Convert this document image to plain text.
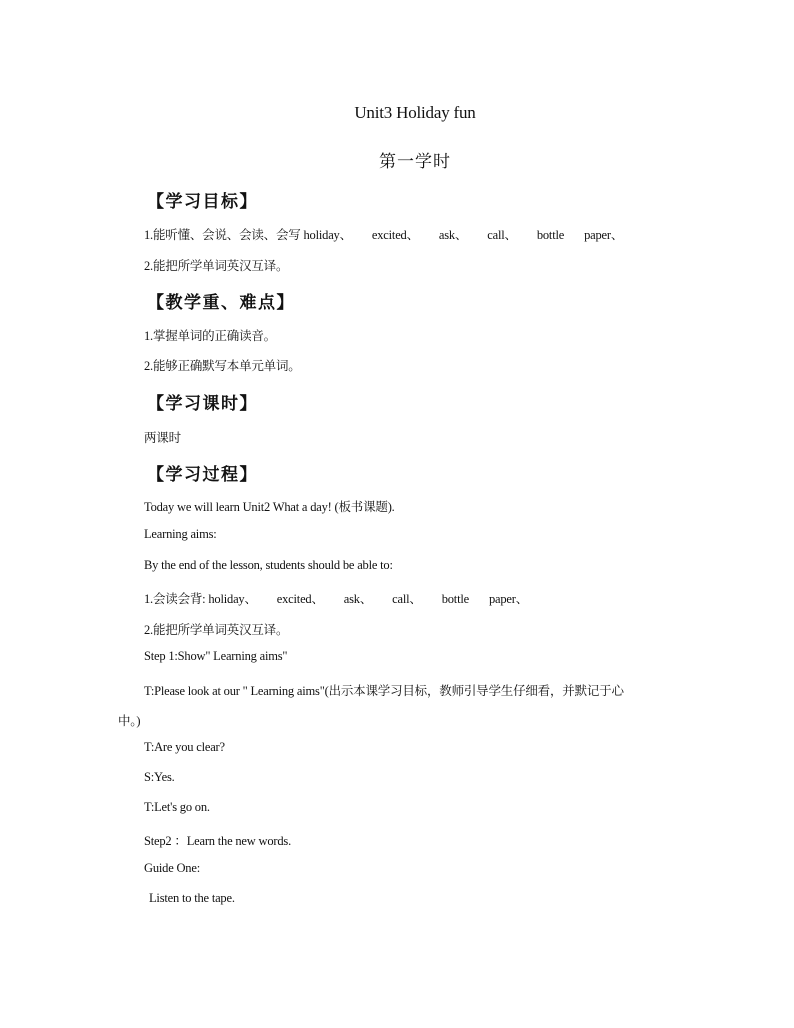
Unit3 Holiday fun
第一学时
【学习目标】
1.能听懂、会说、会读、会写 holiday、 excited、 ask、 call、 bottle paper、
2.能把所学单词英汉互译。
【教学重、难点】
1.掌握单词的正确读音。
2.能够正确默写本单元单词。
【学习课时】
两课时
【学习过程】
Today we will learn Unit2 What a day! (板书课题).
Learning aims:
By the end of the lesson, students should be able to:
1.会读会背: holiday、 excited、 ask、 call、 bottle paper、
2.能把所学单词英汉互译。
Step 1:Show" Learning aims"
T:Please look at our " Learning aims"(出示本课学习目标，教师引导学生仔细看，并默记于心
中。)
T:Are you clear?
S:Yes.
T:Let's go on.
Step2 ：Learn the new words.
Guide One:
Listen to the tape.
